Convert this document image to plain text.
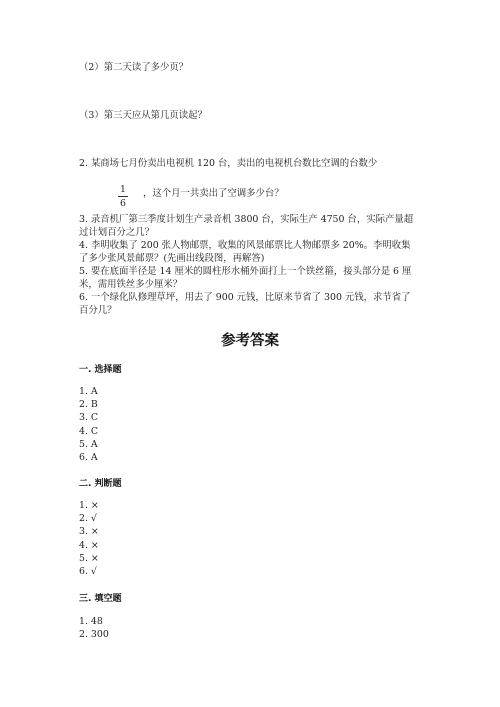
（2）第二天读了多少页？
（3）第三天应从第几页读起？
2. 某商场七月份卖出电视机 120 台，卖出的电视机台数比空调的台数少
1
6
，这个月一共卖出了空调多少台？
3. 录音机厂第三季度计划生产录音机 3800 台，实际生产 4750 台，实际产量超
过计划百分之几？
4. 李明收集了 200 张人物邮票，收集的风景邮票比人物邮票多 20%。李明收集
了多少张风景邮票？(先画出线段图，再解答)
5. 要在底面半径是 14 厘米的圆柱形水桶外面打上一个铁丝箍，接头部分是 6 厘
米，需用铁丝多少厘米？
6. 一个绿化队修理草坪，用去了 900 元钱，比原来节省了 300 元钱，求节省了
百分几？
参考答案
一. 选择题
1. A
2. B
3. C
4. C
5. A
6. A
二. 判断题
1. ×
2. √
3. ×
4. ×
5. ×
6. √
三. 填空题
1. 48
2. 300
